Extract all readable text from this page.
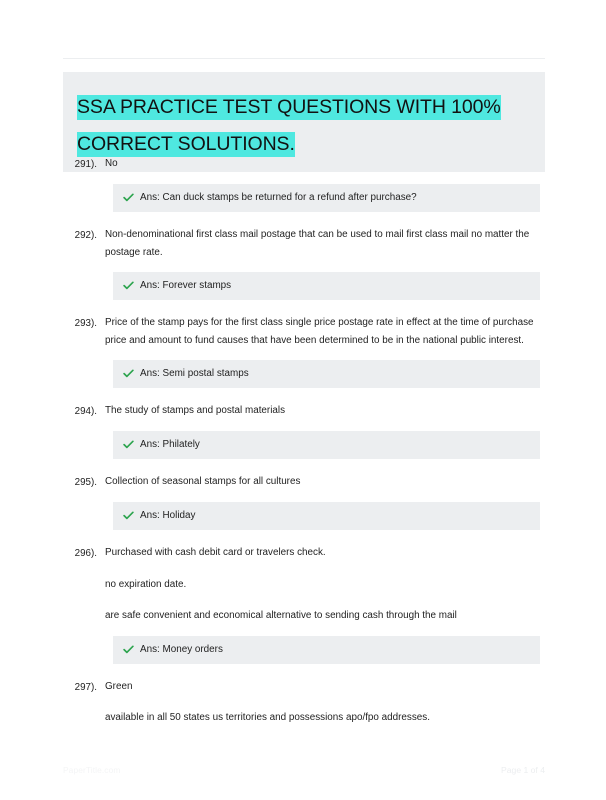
SSA PRACTICE TEST QUESTIONS WITH 100% CORRECT SOLUTIONS.
291). No

Ans: Can duck stamps be returned for a refund after purchase?
292). Non-denominational first class mail postage that can be used to mail first class mail no matter the postage rate.

Ans: Forever stamps
293). Price of the stamp pays for the first class single price postage rate in effect at the time of purchase price and amount to fund causes that have been determined to be in the national public interest.

Ans: Semi postal stamps
294). The study of stamps and postal materials

Ans: Philately
295). Collection of seasonal stamps for all cultures

Ans: Holiday
296). Purchased with cash debit card or travelers check.

no expiration date.

are safe convenient and economical alternative to sending cash through the mail

Ans: Money orders
297). Green

available in all 50 states us territories and possessions apo/fpo addresses.

PaperTitle.com	Page 1 of 4
